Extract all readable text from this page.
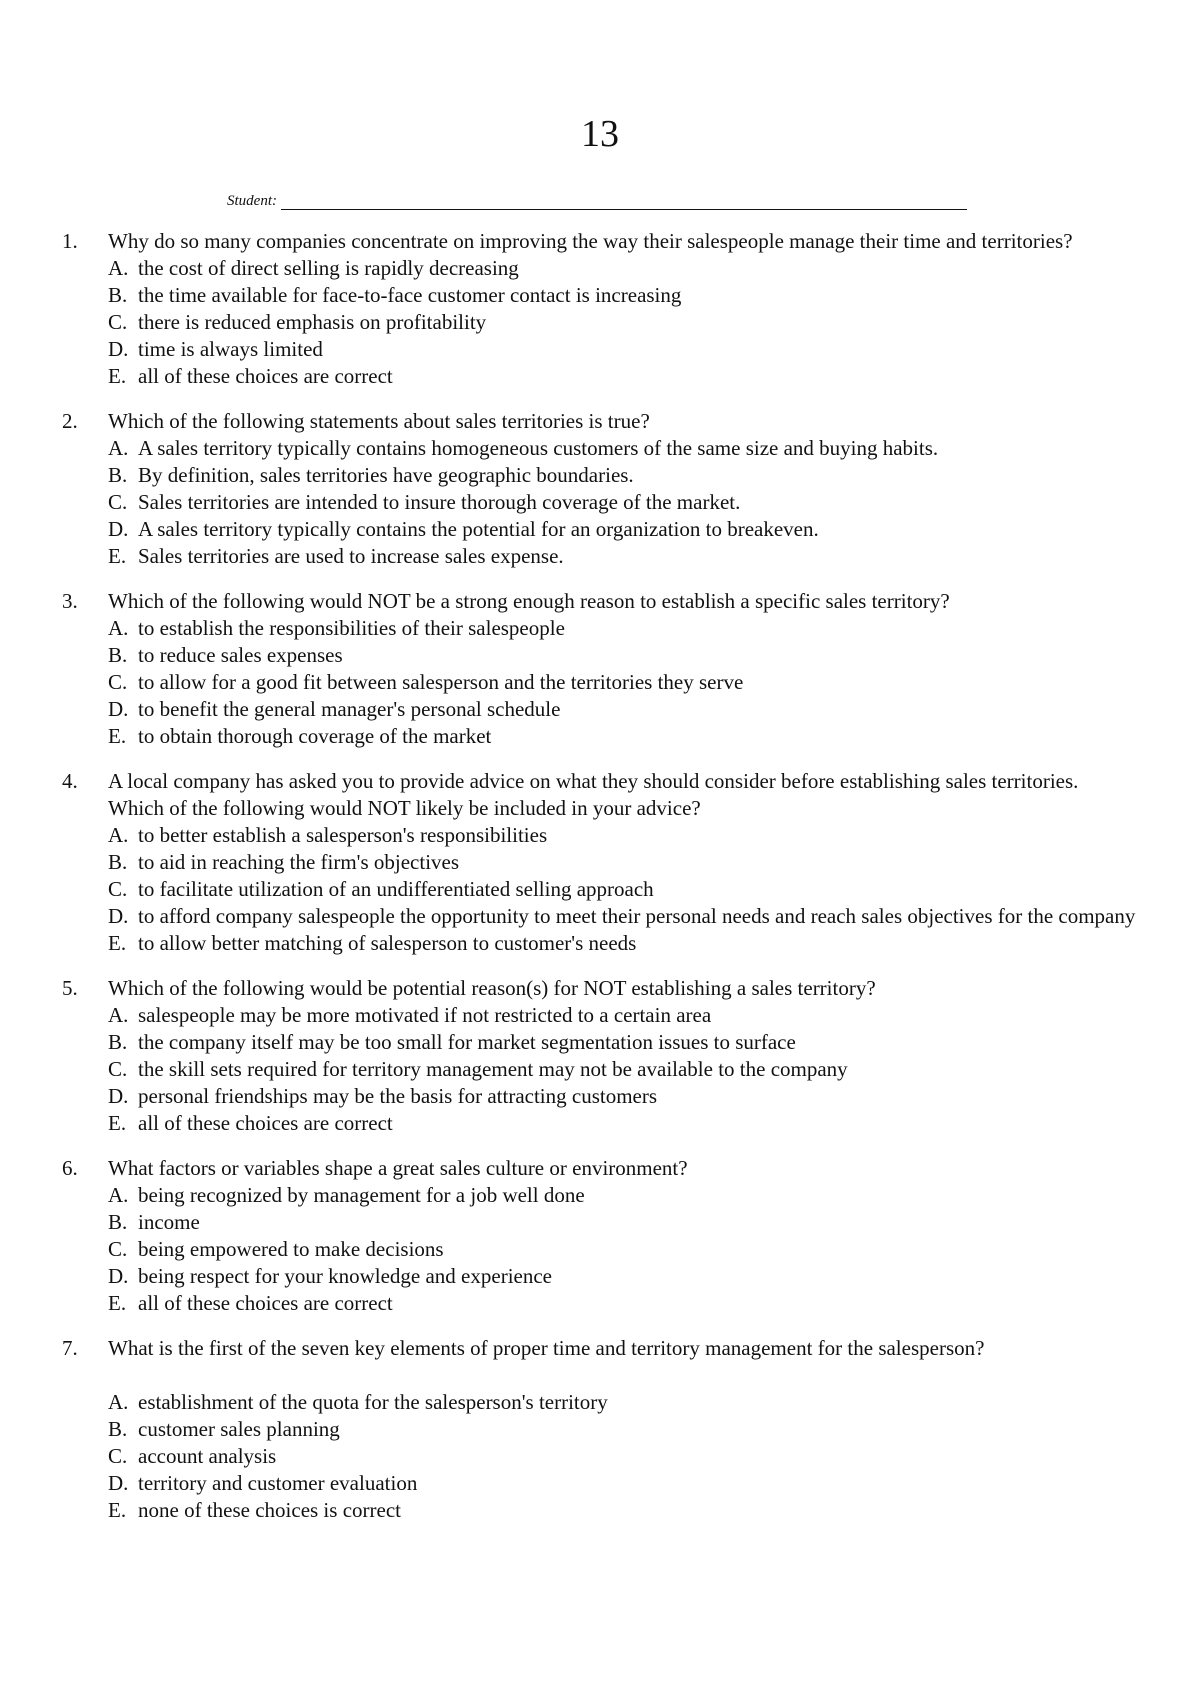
13
Student:
1.	Why do so many companies concentrate on improving the way their salespeople manage their time and territories?
A. the cost of direct selling is rapidly decreasing
B. the time available for face-to-face customer contact is increasing
C. there is reduced emphasis on profitability
D. time is always limited
E. all of these choices are correct
2.	Which of the following statements about sales territories is true?
A. A sales territory typically contains homogeneous customers of the same size and buying habits.
B. By definition, sales territories have geographic boundaries.
C. Sales territories are intended to insure thorough coverage of the market.
D. A sales territory typically contains the potential for an organization to breakeven.
E. Sales territories are used to increase sales expense.
3.	Which of the following would NOT be a strong enough reason to establish a specific sales territory?
A. to establish the responsibilities of their salespeople
B. to reduce sales expenses
C. to allow for a good fit between salesperson and the territories they serve
D. to benefit the general manager's personal schedule
E. to obtain thorough coverage of the market
4.	A local company has asked you to provide advice on what they should consider before establishing sales territories. Which of the following would NOT likely be included in your advice?
A. to better establish a salesperson's responsibilities
B. to aid in reaching the firm's objectives
C. to facilitate utilization of an undifferentiated selling approach
D. to afford company salespeople the opportunity to meet their personal needs and reach sales objectives for the company
E. to allow better matching of salesperson to customer's needs
5.	Which of the following would be potential reason(s) for NOT establishing a sales territory?
A. salespeople may be more motivated if not restricted to a certain area
B. the company itself may be too small for market segmentation issues to surface
C. the skill sets required for territory management may not be available to the company
D. personal friendships may be the basis for attracting customers
E. all of these choices are correct
6.	What factors or variables shape a great sales culture or environment?
A. being recognized by management for a job well done
B. income
C. being empowered to make decisions
D. being respect for your knowledge and experience
E. all of these choices are correct
7.	What is the first of the seven key elements of proper time and territory management for the salesperson?
A. establishment of the quota for the salesperson's territory
B. customer sales planning
C. account analysis
D. territory and customer evaluation
E. none of these choices is correct
